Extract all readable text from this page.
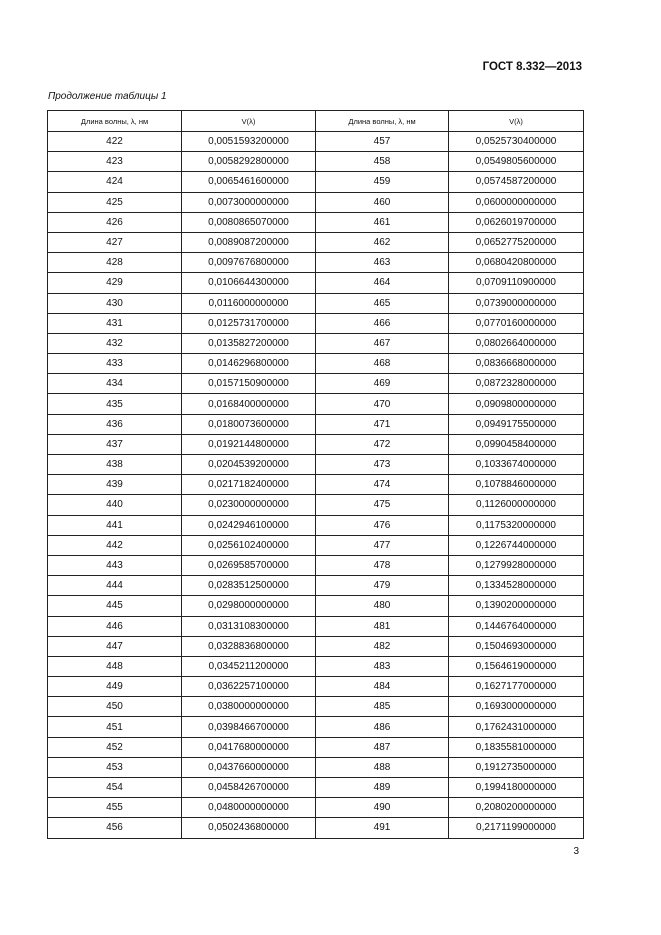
ГОСТ 8.332—2013
Продолжение таблицы 1
Длина волны, λ, нм	V(λ)	Длина волны, λ, нм	V(λ)
422	0,0051593200000	457	0,0525730400000
423	0,0058292800000	458	0,0549805600000
424	0,0065461600000	459	0,0574587200000
425	0,0073000000000	460	0,0600000000000
426	0,0080865070000	461	0,0626019700000
427	0,0089087200000	462	0,0652775200000
428	0,0097676800000	463	0,0680420800000
429	0,0106644300000	464	0,0709110900000
430	0,0116000000000	465	0,0739000000000
431	0,0125731700000	466	0,0770160000000
432	0,0135827200000	467	0,0802664000000
433	0,0146296800000	468	0,0836668000000
434	0,0157150900000	469	0,0872328000000
435	0,0168400000000	470	0,0909800000000
436	0,0180073600000	471	0,0949175500000
437	0,0192144800000	472	0,0990458400000
438	0,0204539200000	473	0,1033674000000
439	0,0217182400000	474	0,1078846000000
440	0,0230000000000	475	0,1126000000000
441	0,0242946100000	476	0,1175320000000
442	0,0256102400000	477	0,1226744000000
443	0,0269585700000	478	0,1279928000000
444	0,0283512500000	479	0,1334528000000
445	0,0298000000000	480	0,1390200000000
446	0,0313108300000	481	0,1446764000000
447	0,0328836800000	482	0,1504693000000
448	0,0345211200000	483	0,1564619000000
449	0,0362257100000	484	0,1627177000000
450	0,0380000000000	485	0,1693000000000
451	0,0398466700000	486	0,1762431000000
452	0,0417680000000	487	0,1835581000000
453	0,0437660000000	488	0,1912735000000
454	0,0458426700000	489	0,1994180000000
455	0,0480000000000	490	0,2080200000000
456	0,0502436800000	491	0,2171199000000
3
